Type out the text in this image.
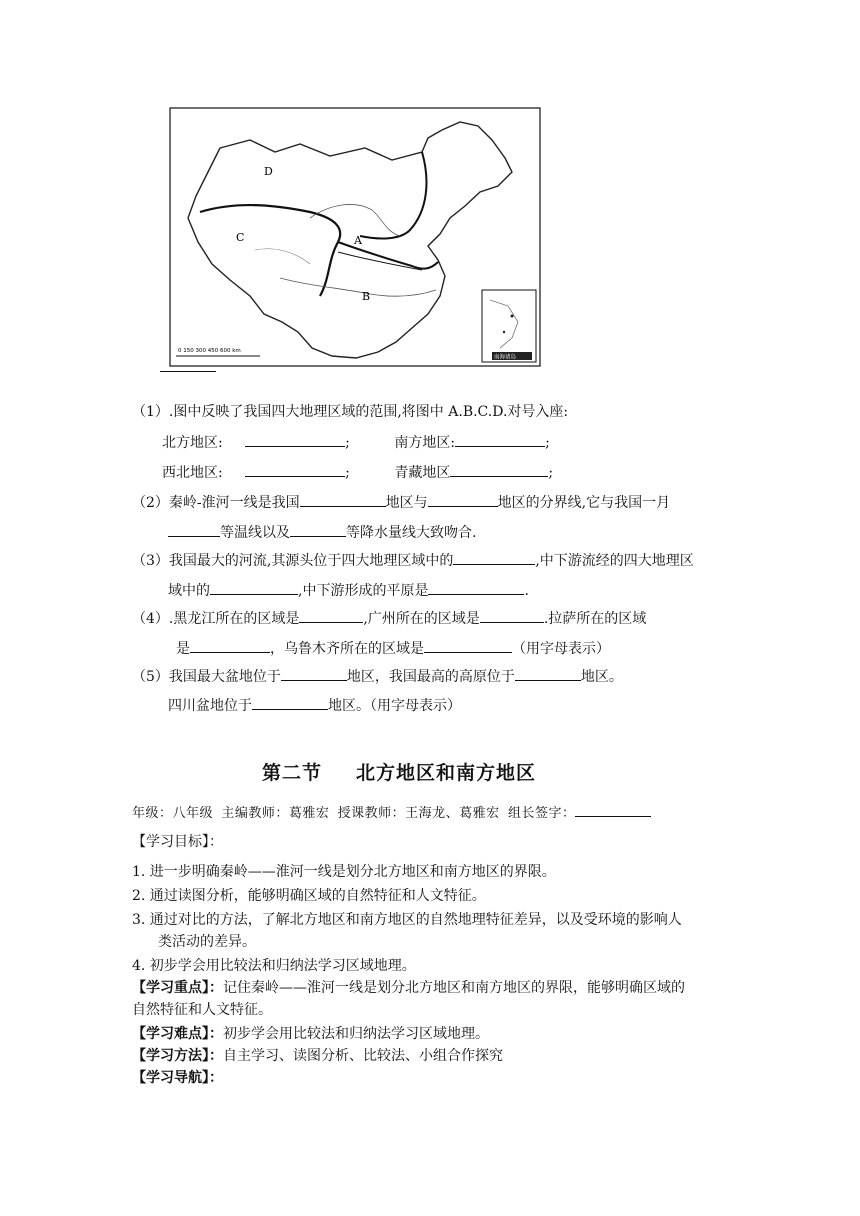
D
C	A
B
0 150 300 450 600 km
南海诸岛
（1）.图中反映了我国四大地理区域的范围,将图中 A.B.C.D.对号入座:
北方地区:	;	南方地区:	;
西北地区:	;	青藏地区	;
（2）秦岭-淮河一线是我国	地区与	地区的分界线,它与我国一月
等温线以及	等降水量线大致吻合.
（3）我国最大的河流,其源头位于四大地理区域中的	,中下游流经的四大地理区
域中的	,中下游形成的平原是	.
（4）.黑龙江所在的区域是	,广州所在的区域是	.拉萨所在的区域
是	，乌鲁木齐所在的区域是	（用字母表示）
（5）我国最大盆地位于	地区，我国最高的高原位于	地区。
四川盆地位于	地区。（用字母表示）
第二节 北方地区和南方地区
年级：八年级 主编教师：葛雅宏 授课教师：王海龙、葛雅宏 组长签字：
【学习目标】：
1. 进一步明确秦岭——淮河一线是划分北方地区和南方地区的界限。
2. 通过读图分析，能够明确区域的自然特征和人文特征。
3. 通过对比的方法，了解北方地区和南方地区的自然地理特征差异，以及受环境的影响人
类活动的差异。
4. 初步学会用比较法和归纳法学习区域地理。
【学习重点】：记住秦岭——淮河一线是划分北方地区和南方地区的界限，能够明确区域的
自然特征和人文特征。
【学习难点】：初步学会用比较法和归纳法学习区域地理。
【学习方法】：自主学习、读图分析、比较法、小组合作探究
【学习导航】：
